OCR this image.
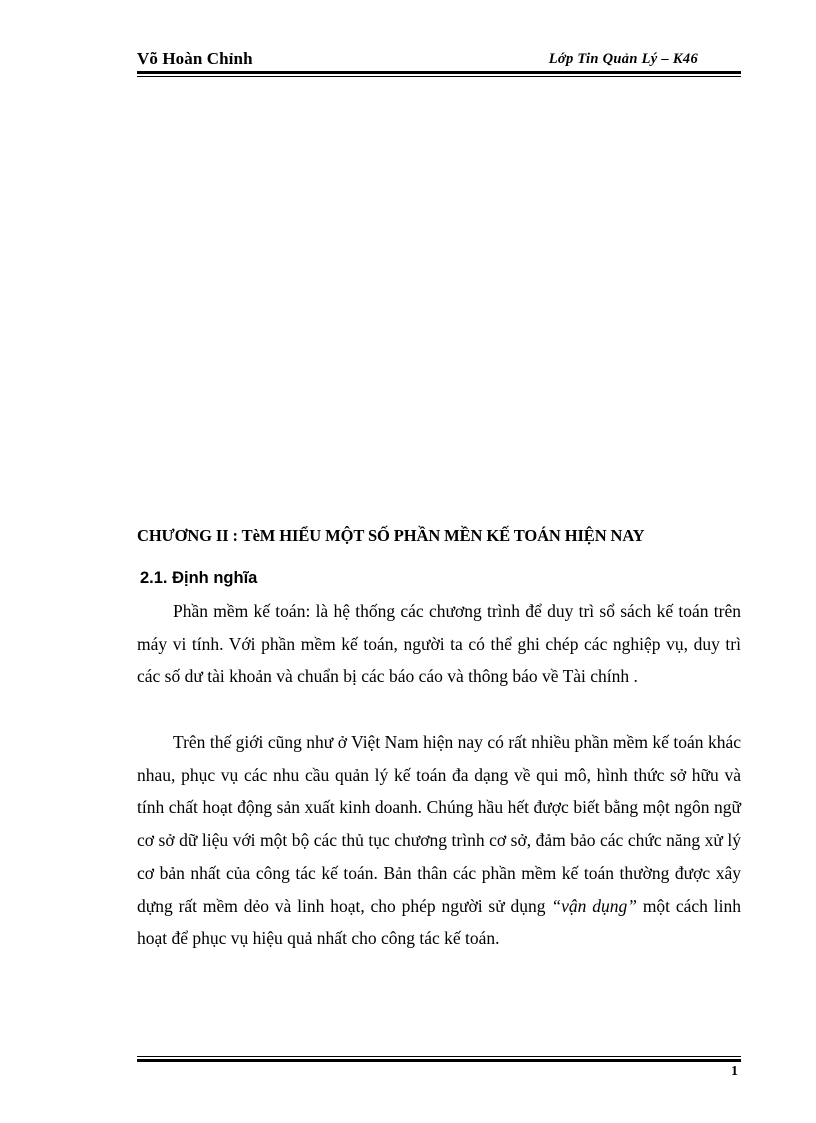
Võ Hoàn Chỉnh	Lớp Tin Quản Lý – K46
CHƯƠNG II : TèM HIỂU MỘT SỐ PHẦN MỀN KẾ TOÁN HIỆN NAY
2.1. Định nghĩa

Phần mềm kế toán: là hệ thống các chương trình để duy trì sổ sách kế toán trên máy vi tính. Với phần mềm kế toán, người ta có thể ghi chép các nghiệp vụ, duy trì các số dư tài khoản và chuẩn bị các báo cáo và thông báo về Tài chính .

Trên thế giới cũng như ở Việt Nam hiện nay có rất nhiều phần mềm kế toán khác nhau, phục vụ các nhu cầu quản lý kế toán đa dạng về qui mô, hình thức sở hữu và tính chất hoạt động sản xuất kinh doanh. Chúng hầu hết được biết bằng một ngôn ngữ cơ sở dữ liệu với một bộ các thủ tục chương trình cơ sở, đảm bảo các chức năng xử lý cơ bản nhất của công tác kế toán. Bản thân các phần mềm kế toán thường được xây dựng rất mềm dẻo và linh hoạt, cho phép người sử dụng “vận dụng” một cách linh hoạt để phục vụ hiệu quả nhất cho công tác kế toán.

1
